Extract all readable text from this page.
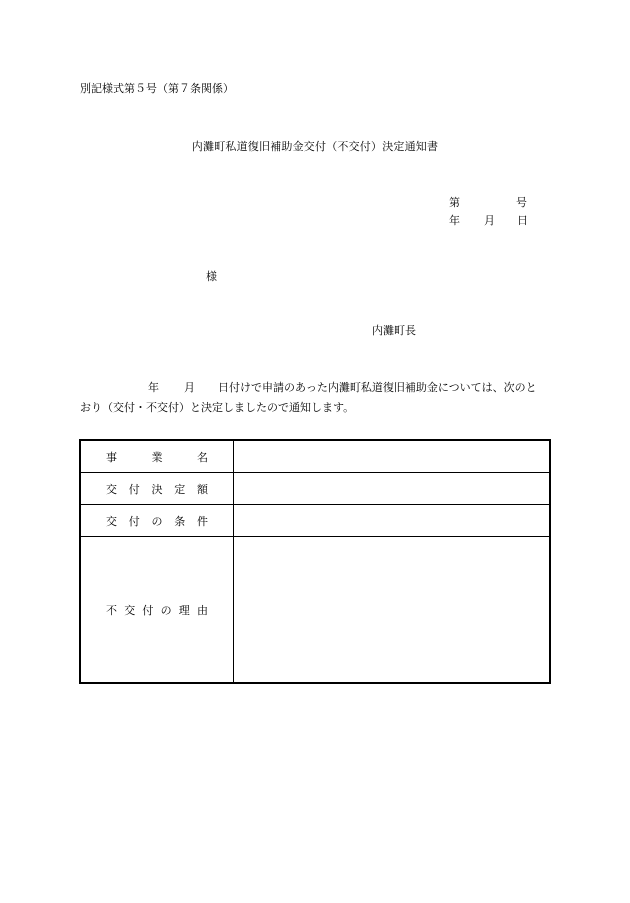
別記様式第５号（第７条関係）
内灘町私道復旧補助金交付（不交付）決定通知書
第	号
年 月 日
様
内灘町長
年 月 日付けで申請のあった内灘町私道復旧補助金については、次のと
おり（交付・不交付）と決定しましたので通知します。
事業名	
交付決定額	
交付の条件	
不交付の理由	
